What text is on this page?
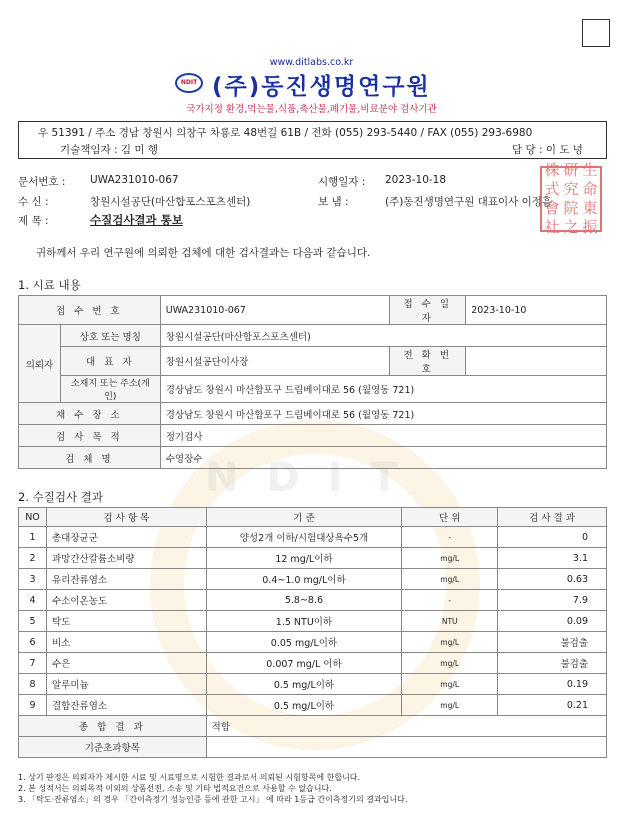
NDIT
www.ditlabs.co.kr
NDIT (주)동진생명연구원
국가지정 환경,먹는물,식품,축산물,폐기물,비료분야 검사기관
우 51391 / 주소 경남 창원시 의창구 차룡로 48번길 61B / 전화 (055) 293-5440 / FAX (055) 293-6980
기술책임자 : 김 미 행	담 당 : 이 도 녕
문서번호 : UWA231010-067	시행일자 : 2023-10-18
수 신 :	창원시설공단(마산합포스포츠센터)	보 냄 :	(주)동진생명연구원 대표이사 이정흠
제 목 :	수질검사결과 통보
株 研 生
式 究 命
會 院 東
社 之 振
귀하께서 우리 연구원에 의뢰한 검체에 대한 검사결과는 다음과 같습니다.
1. 시료 내용
접 수 번 호		UWA231010-067	접 수 일 자	2023-10-10
의뢰자	상호 또는 명칭	창원시설공단(마산합포스포츠센터)		
	대 표 자	창원시설공단이사장	전 화 번 호	
	소재지 또는 주소(개인)	경상남도 창원시 마산합포구 드림베이대로 56 (월영동 721)		
채 수 장 소		경상남도 창원시 마산합포구 드림베이대로 56 (월영동 721)		
검 사 목 적		정기검사		
검 체 명		수영장수		
2. 수질검사 결과
NO	검 사 항 목	기 준	단 위	검 사 결 과
1	총대장균군	양성2개 이하/시험대상욕수5개	-	0
2	과망간산칼륨소비량	12 mg/L이하	mg/L	3.1
3	유리잔류염소	0.4~1.0 mg/L이하	mg/L	0.63
4	수소이온농도	5.8~8.6	-	7.9
5	탁도	1.5 NTU이하	NTU	0.09
6	비소	0.05 mg/L이하	mg/L	불검출
7	수은	0.007 mg/L 이하	mg/L	불검출
8	알루미늄	0.5 mg/L이하	mg/L	0.19
9	결합잔류염소	0.5 mg/L이하	mg/L	0.21
종 합 결 과		적합		
기준초과항목				
1. 상기 판정은 의뢰자가 제시한 시료 및 시료명으로 시험한 결과로서 의뢰된 시험항목에 한합니다.
2. 본 성적서는 의뢰목적 이외의 상품선전, 소송 및 기타 법적요건으로 사용할 수 없습니다.
3. 「탁도·잔류염소」의 경우 「간이측정기 성능인증 등에 관한 고시」 에 따라 1등급 간이측정기의 결과입니다.
